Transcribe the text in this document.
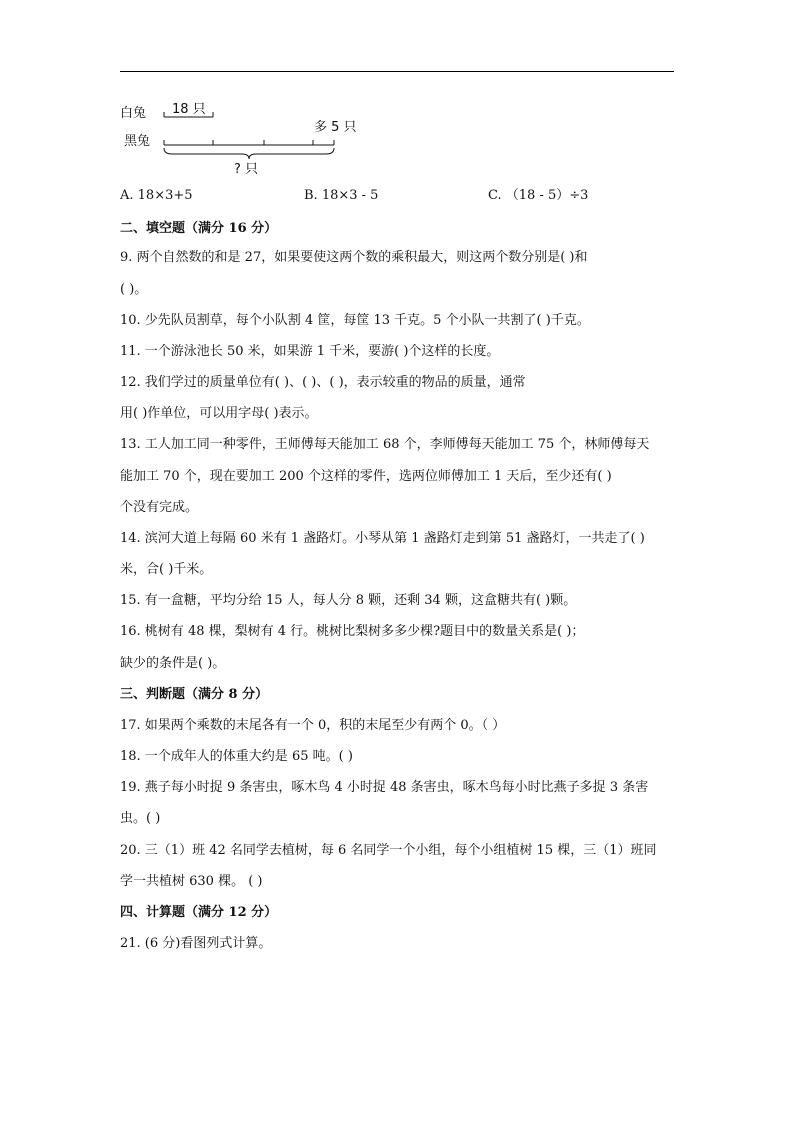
白兔
黑兔
18 只
多 5 只
? 只
A. 18×3+5	B. 18×3 - 5	C. （18 - 5）÷3
二、填空题（满分 16 分）
9. 两个自然数的和是 27，如果要使这两个数的乘积最大，则这两个数分别是( )和
( )。
10. 少先队员割草，每个小队割 4 筐，每筐 13 千克。5 个小队一共割了( )千克。
11. 一个游泳池长 50 米，如果游 1 千米，要游( )个这样的长度。
12. 我们学过的质量单位有( )、( )、( )，表示较重的物品的质量，通常
用( )作单位，可以用字母( )表示。
13. 工人加工同一种零件，王师傅每天能加工 68 个，李师傅每天能加工 75 个，林师傅每天
能加工 70 个，现在要加工 200 个这样的零件，选两位师傅加工 1 天后，至少还有( )
个没有完成。
14. 滨河大道上每隔 60 米有 1 盏路灯。小琴从第 1 盏路灯走到第 51 盏路灯，一共走了( )
米，合( )千米。
15. 有一盒糖，平均分给 15 人，每人分 8 颗，还剩 34 颗，这盒糖共有( )颗。
16. 桃树有 48 棵，梨树有 4 行。桃树比梨树多多少棵?题目中的数量关系是( )；
缺少的条件是( )。
三、判断题（满分 8 分）
17. 如果两个乘数的末尾各有一个 0，积的末尾至少有两个 0。（ ）
18. 一个成年人的体重大约是 65 吨。( )
19. 燕子每小时捉 9 条害虫，啄木鸟 4 小时捉 48 条害虫，啄木鸟每小时比燕子多捉 3 条害
虫。( )
20. 三（1）班 42 名同学去植树，每 6 名同学一个小组，每个小组植树 15 棵，三（1）班同
学一共植树 630 棵。 ( )
四、计算题（满分 12 分）
21. (6 分)看图列式计算。
